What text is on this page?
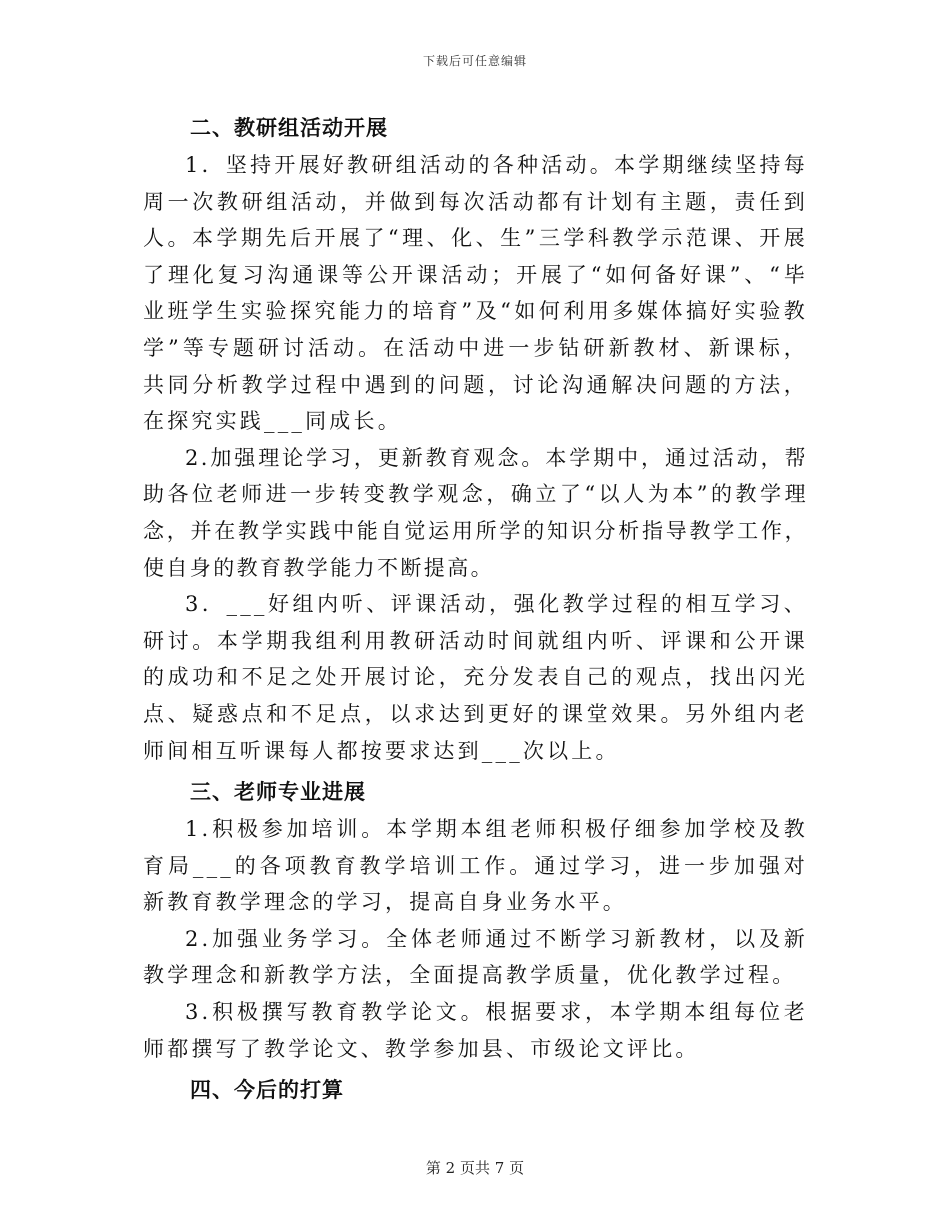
下载后可任意编辑
二、教研组活动开展

1．坚持开展好教研组活动的各种活动。本学期继续坚持每周一次教研组活动，并做到每次活动都有计划有主题，责任到人。本学期先后开展了“理、化、生”三学科教学示范课、开展了理化复习沟通课等公开课活动；开展了“如何备好课”、“毕业班学生实验探究能力的培育”及“如何利用多媒体搞好实验教学”等专题研讨活动。在活动中进一步钻研新教材、新课标，共同分析教学过程中遇到的问题，讨论沟通解决问题的方法，在探究实践___同成长。

2.加强理论学习，更新教育观念。本学期中，通过活动，帮助各位老师进一步转变教学观念，确立了“以人为本”的教学理念，并在教学实践中能自觉运用所学的知识分析指导教学工作，使自身的教育教学能力不断提高。

3．___好组内听、评课活动，强化教学过程的相互学习、研讨。本学期我组利用教研活动时间就组内听、评课和公开课的成功和不足之处开展讨论，充分发表自己的观点，找出闪光点、疑惑点和不足点，以求达到更好的课堂效果。另外组内老师间相互听课每人都按要求达到___次以上。

三、老师专业进展

1.积极参加培训。本学期本组老师积极仔细参加学校及教育局___的各项教育教学培训工作。通过学习，进一步加强对新教育教学理念的学习，提高自身业务水平。

2.加强业务学习。全体老师通过不断学习新教材，以及新教学理念和新教学方法，全面提高教学质量，优化教学过程。

3.积极撰写教育教学论文。根据要求，本学期本组每位老师都撰写了教学论文、教学参加县、市级论文评比。

四、今后的打算
第 2 页共 7 页
